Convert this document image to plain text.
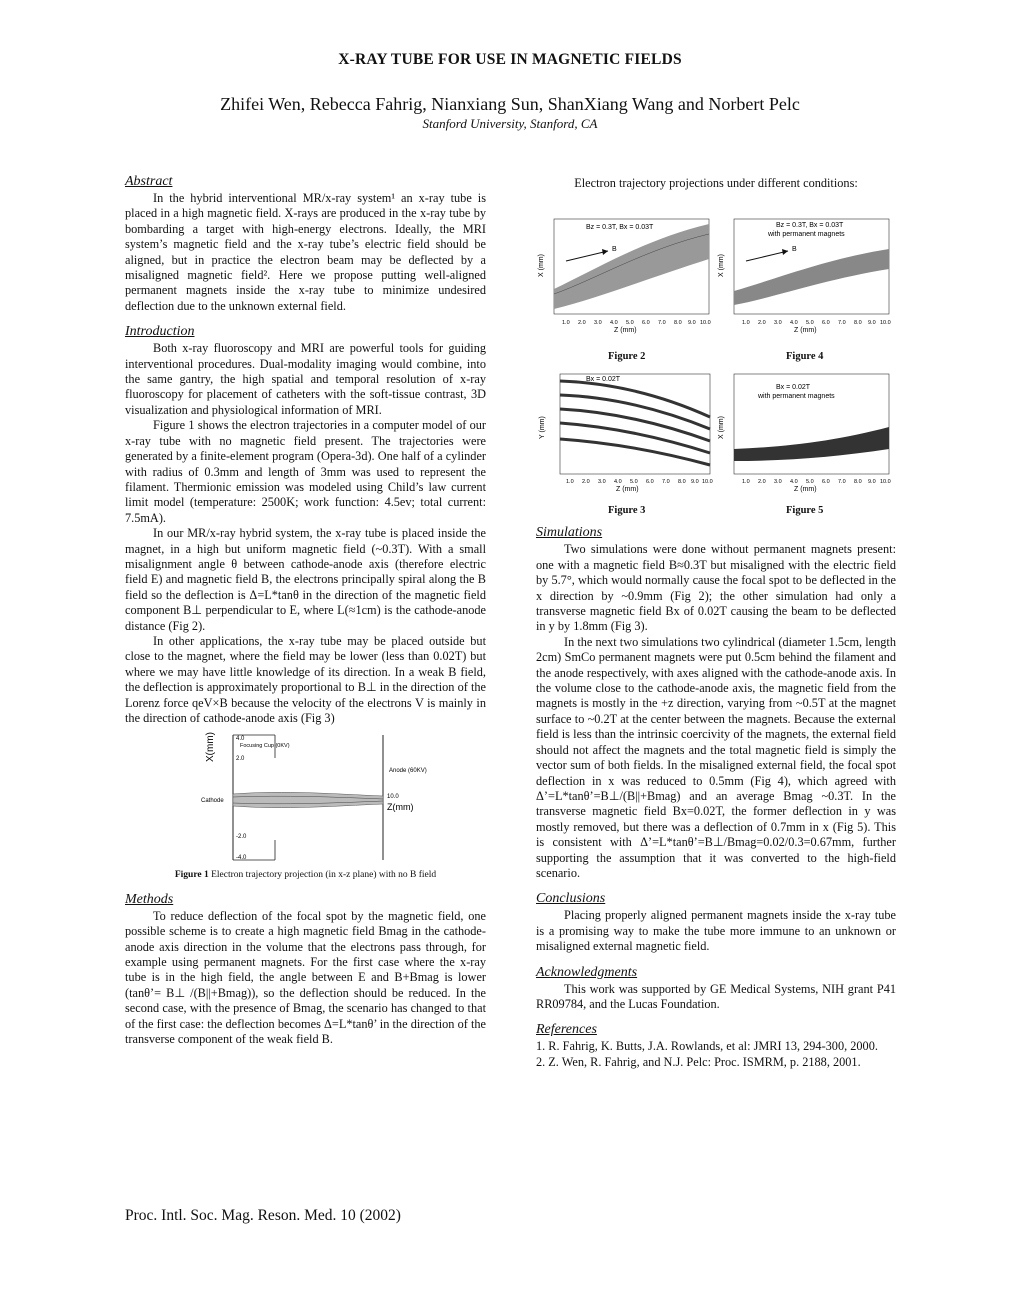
X-RAY TUBE FOR USE IN MAGNETIC FIELDS
Zhifei Wen, Rebecca Fahrig, Nianxiang Sun, ShanXiang Wang and Norbert Pelc
Stanford University, Stanford, CA
Abstract

In the hybrid interventional MR/x-ray system¹ an x-ray tube is placed in a high magnetic field. X-rays are produced in the x-ray tube by bombarding a target with high-energy electrons. Ideally, the MRI system’s magnetic field and the x-ray tube’s electric field should be aligned, but in practice the electron beam may be deflected by a misaligned magnetic field². Here we propose putting well-aligned permanent magnets inside the x-ray tube to minimize undesired deflection due to the unknown external field.

Introduction

Both x-ray fluoroscopy and MRI are powerful tools for guiding interventional procedures. Dual-modality imaging would combine, into the same gantry, the high spatial and temporal resolution of x-ray fluoroscopy for placement of catheters with the soft-tissue contrast, 3D visualization and physiological information of MRI.

Figure 1 shows the electron trajectories in a computer model of our x-ray tube with no magnetic field present. The trajectories were generated by a finite-element program (Opera-3d). One half of a cylinder with radius of 0.3mm and length of 3mm was used to represent the filament. Thermionic emission was modeled using Child’s law current limit model (temperature: 2500K; work function: 4.5ev; total current: 7.5mA).

In our MR/x-ray hybrid system, the x-ray tube is placed inside the magnet, in a high but uniform magnetic field (~0.3T). With a small misalignment angle θ between cathode-anode axis (therefore electric field E) and magnetic field B, the electrons principally spiral along the B field so the deflection is Δ=L*tanθ in the direction of the magnetic field component B⊥ perpendicular to E, where L(≈1cm) is the cathode-anode distance (Fig 2).

In other applications, the x-ray tube may be placed outside but close to the magnet, where the field may be lower (less than 0.02T) but where we may have little knowledge of its direction. In a weak B field, the deflection is approximately proportional to B⊥ in the direction of the Lorenz force qeV×B because the velocity of the electrons V is mainly in the direction of cathode-anode axis (Fig 3)

X(mm)	4.0
2.0
-2.0
-4.0
Focusing Cup (0KV)
Cathode
Anode (60KV)
10.0
Z(mm)
Figure 1 Electron trajectory projection (in x-z plane) with no B field
Methods

To reduce deflection of the focal spot by the magnetic field, one possible scheme is to create a high magnetic field Bmag in the cathode-anode axis direction in the volume that the electrons pass through, for example using permanent magnets. For the first case where the x-ray tube is in the high field, the angle between E and B+Bmag is lower (tanθ’= B⊥ /(B||+Bmag)), so the deflection should be reduced. In the second case, with the presence of Bmag, the scenario has changed to that of the first case: the deflection becomes Δ=L*tanθ’ in the direction of the transverse component of the weak field B.

Electron trajectory projections under different conditions:
B
Bz = 0.3T, Bx = 0.03T
X (mm)
1.0 2.0 3.0 4.0 5.0 6.0 7.0 8.0 9.0 10.0
Z (mm)
Figure 2
B
Bz = 0.3T, Bx = 0.03T
with permanent magnets
X (mm)
1.0 2.0 3.0 4.0 5.0 6.0 7.0 8.0 9.0 10.0
Z (mm)
Figure 4
Bx = 0.02T
Y (mm)
1.0 2.0 3.0 4.0 5.0 6.0 7.0 8.0 9.0 10.0
Z (mm)
Figure 3
Bx = 0.02T
with permanent magnets
X (mm)
1.0 2.0 3.0 4.0 5.0 6.0 7.0 8.0 9.0 10.0
Z (mm)
Figure 5
Simulations

Two simulations were done without permanent magnets present: one with a magnetic field B≈0.3T but misaligned with the electric field by 5.7°, which would normally cause the focal spot to be deflected in the x direction by ~0.9mm (Fig 2); the other simulation had only a transverse magnetic field Bx of 0.02T causing the beam to be deflected in y by 1.8mm (Fig 3).

In the next two simulations two cylindrical (diameter 1.5cm, length 2cm) SmCo permanent magnets were put 0.5cm behind the filament and the anode respectively, with axes aligned with the cathode-anode axis. In the volume close to the cathode-anode axis, the magnetic field from the magnets is mostly in the +z direction, varying from ~0.5T at the magnet surface to ~0.2T at the center between the magnets. Because the external field is less than the intrinsic coercivity of the magnets, the external field should not affect the magnets and the total magnetic field is simply the vector sum of both fields. In the misaligned external field, the focal spot deflection in x was reduced to 0.5mm (Fig 4), which agreed with Δ’=L*tanθ’=B⊥/(B||+Bmag) and an average Bmag ~0.3T. In the transverse magnetic field Bx=0.02T, the former deflection in y was mostly removed, but there was a deflection of 0.7mm in x (Fig 5). This is consistent with Δ’=L*tanθ’=B⊥/Bmag=0.02/0.3=0.67mm, further supporting the assumption that it was converted to the high-field scenario.

Conclusions

Placing properly aligned permanent magnets inside the x-ray tube is a promising way to make the tube more immune to an unknown or misaligned external magnetic field.

Acknowledgments

This work was supported by GE Medical Systems, NIH grant P41 RR09784, and the Lucas Foundation.

References

1. R. Fahrig, K. Butts, J.A. Rowlands, et al: JMRI 13, 294-300, 2000.

2. Z. Wen, R. Fahrig, and N.J. Pelc: Proc. ISMRM, p. 2188, 2001.

Proc. Intl. Soc. Mag. Reson. Med. 10 (2002)
